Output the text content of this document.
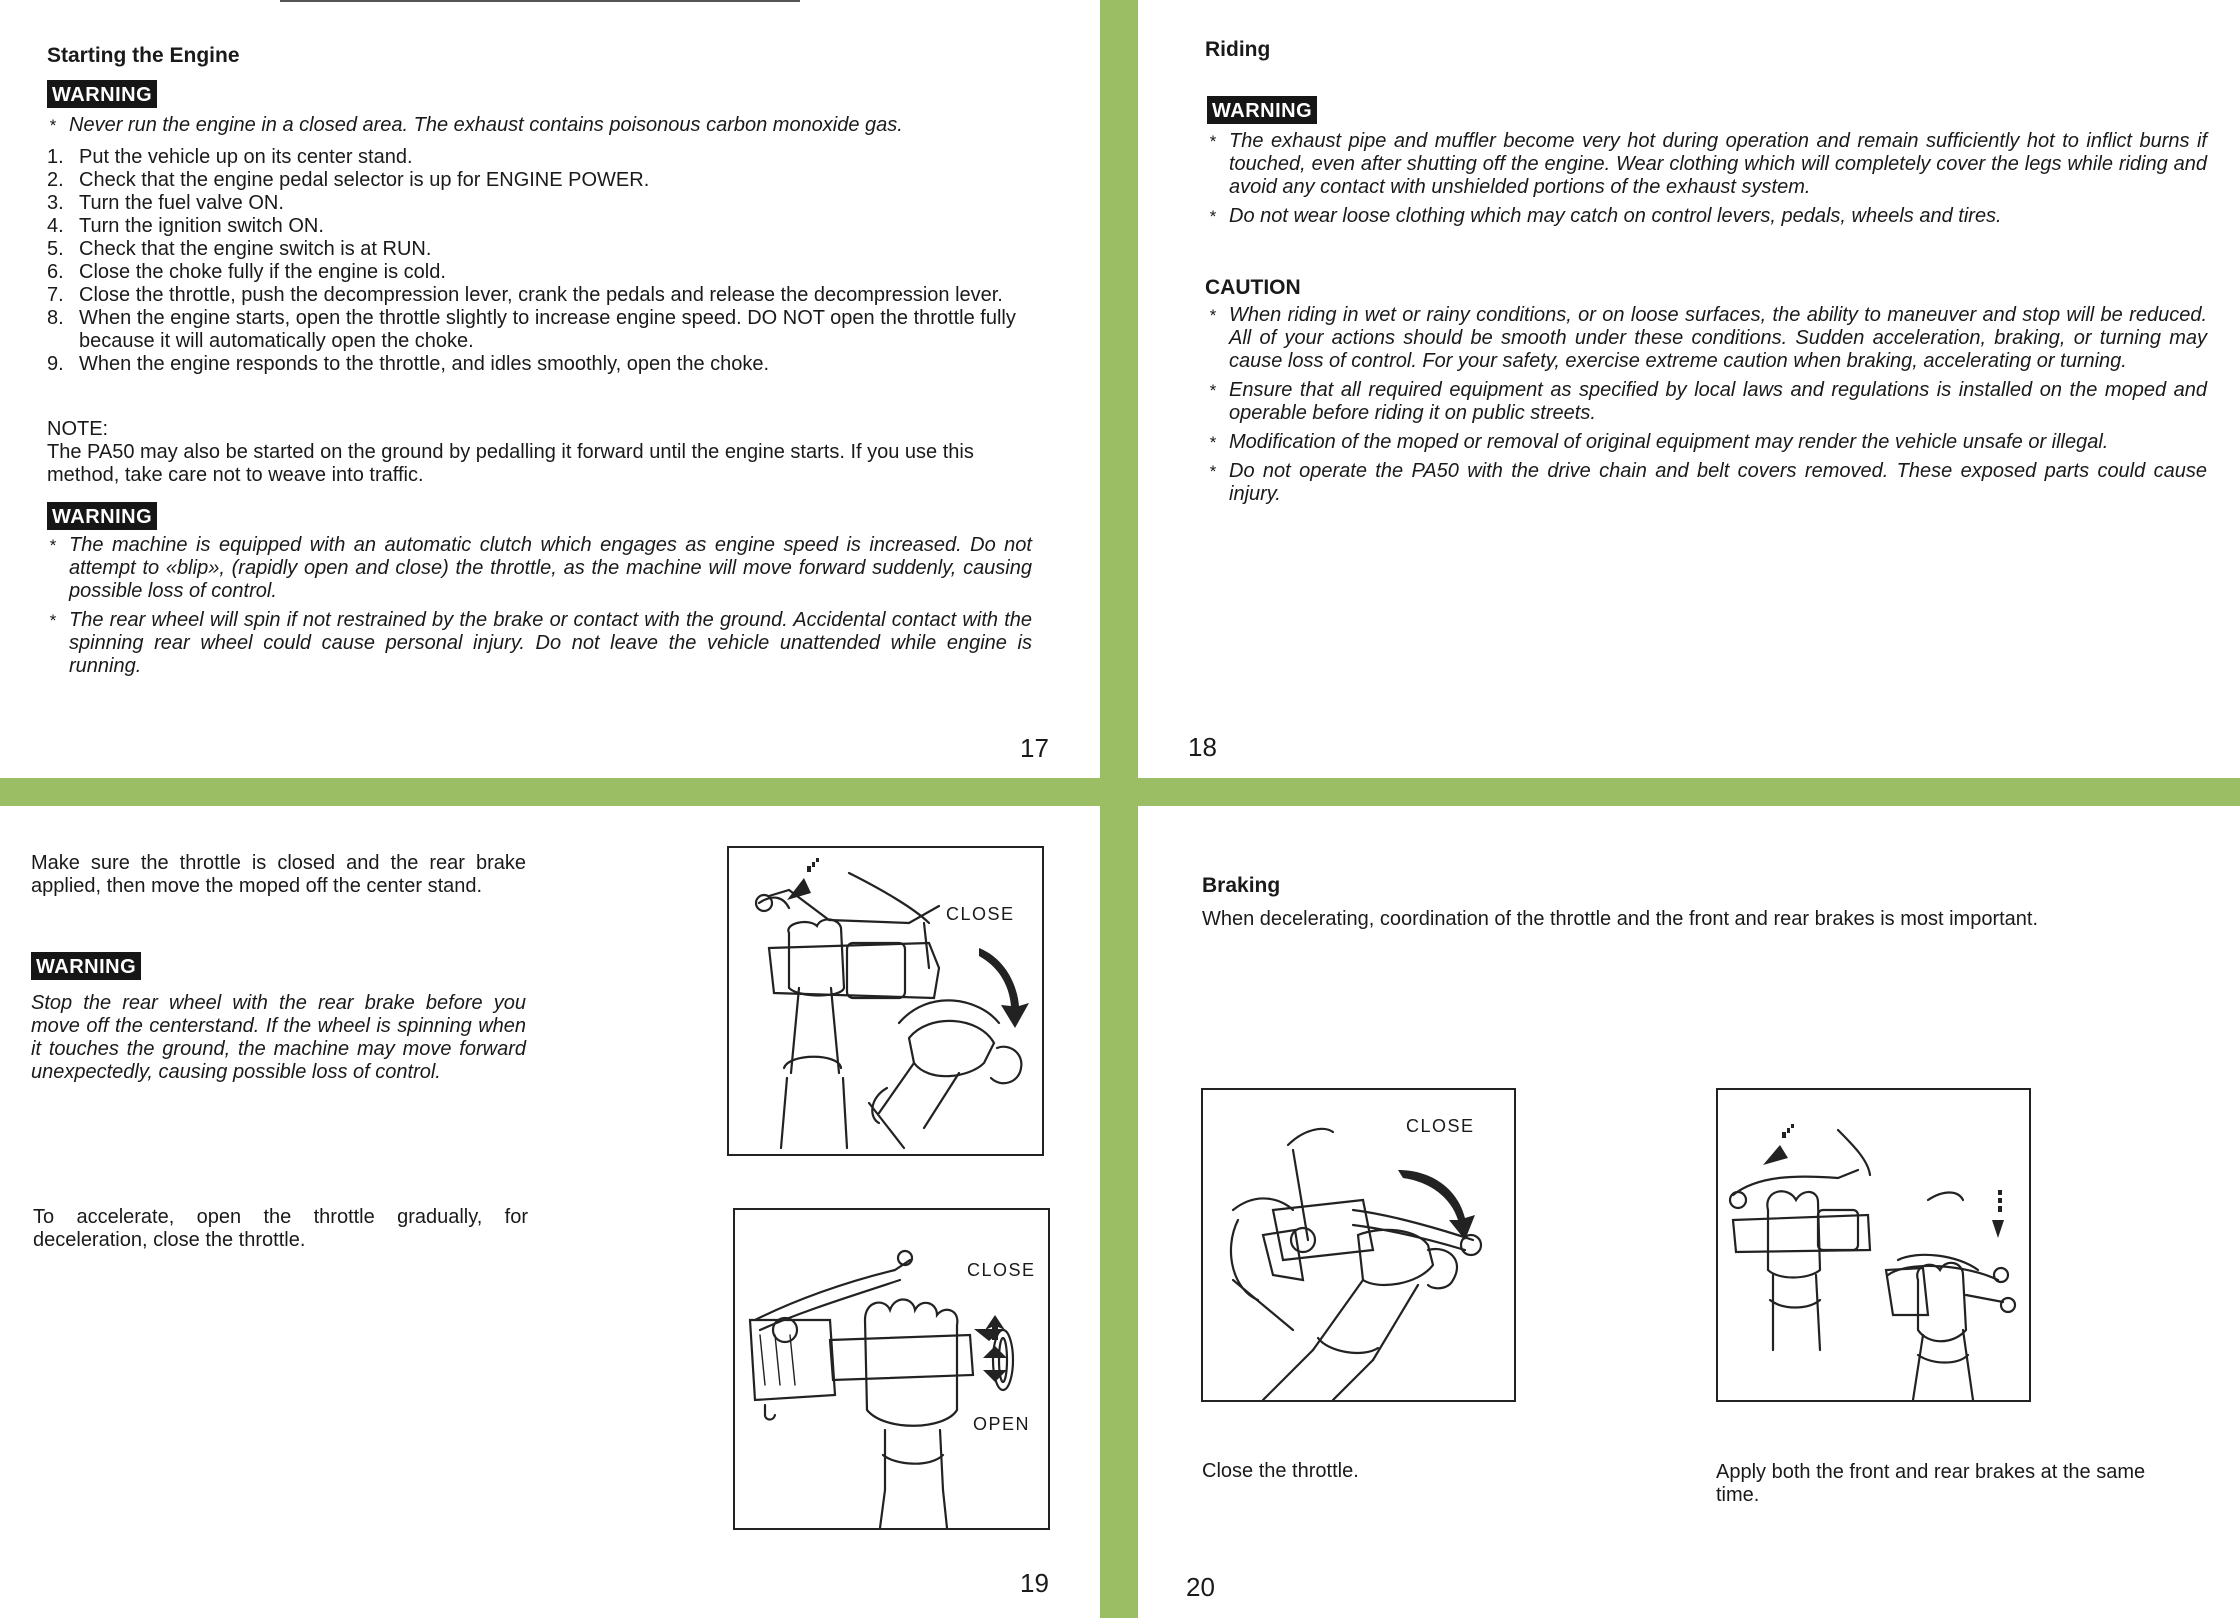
Starting the Engine
WARNING
* Never run the engine in a closed area. The exhaust contains poisonous carbon monoxide gas.
1. Put the vehicle up on its center stand.
2. Check that the engine pedal selector is up for ENGINE POWER.
3. Turn the fuel valve ON.
4. Turn the ignition switch ON.
5. Check that the engine switch is at RUN.
6. Close the choke fully if the engine is cold.
7. Close the throttle, push the decompression lever, crank the pedals and release the decompression lever.
8. When the engine starts, open the throttle slightly to increase engine speed. DO NOT open the throttle fully because it will automatically open the choke.
9. When the engine responds to the throttle, and idles smoothly, open the choke.
NOTE:
The PA50 may also be started on the ground by pedalling it forward until the engine starts. If you use this method, take care not to weave into traffic.
WARNING
* The machine is equipped with an automatic clutch which engages as engine speed is increased. Do not attempt to «blip», (rapidly open and close) the throttle, as the machine will move forward suddenly, causing possible loss of control.
* The rear wheel will spin if not restrained by the brake or contact with the ground. Accidental contact with the spinning rear wheel could cause personal injury. Do not leave the vehicle unattended while engine is running.
17
Riding
WARNING
* The exhaust pipe and muffler become very hot during operation and remain sufficiently hot to inflict burns if touched, even after shutting off the engine. Wear clothing which will completely cover the legs while riding and avoid any contact with unshielded portions of the exhaust system.
* Do not wear loose clothing which may catch on control levers, pedals, wheels and tires.
CAUTION
* When riding in wet or rainy conditions, or on loose surfaces, the ability to maneuver and stop will be reduced. All of your actions should be smooth under these conditions. Sudden acceleration, braking, or turning may cause loss of control. For your safety, exercise extreme caution when braking, accelerating or turning.
* Ensure that all required equipment as specified by local laws and regulations is installed on the moped and operable before riding it on public streets.
* Modification of the moped or removal of original equipment may render the vehicle unsafe or illegal.
* Do not operate the PA50 with the drive chain and belt covers removed. These exposed parts could cause injury.
18
Make sure the throttle is closed and the rear brake applied, then move the moped off the center stand.
WARNING
Stop the rear wheel with the rear brake before you move off the centerstand. If the wheel is spinning when it touches the ground, the machine may move forward unexpectedly, causing possible loss of control.
To accelerate, open the throttle gradually, for deceleration, close the throttle.
CLOSE
CLOSE
OPEN
19
Braking
When decelerating, coordination of the throttle and the front and rear brakes is most important.
CLOSE
Close the throttle.	Apply both the front and rear brakes at the same time.
20
